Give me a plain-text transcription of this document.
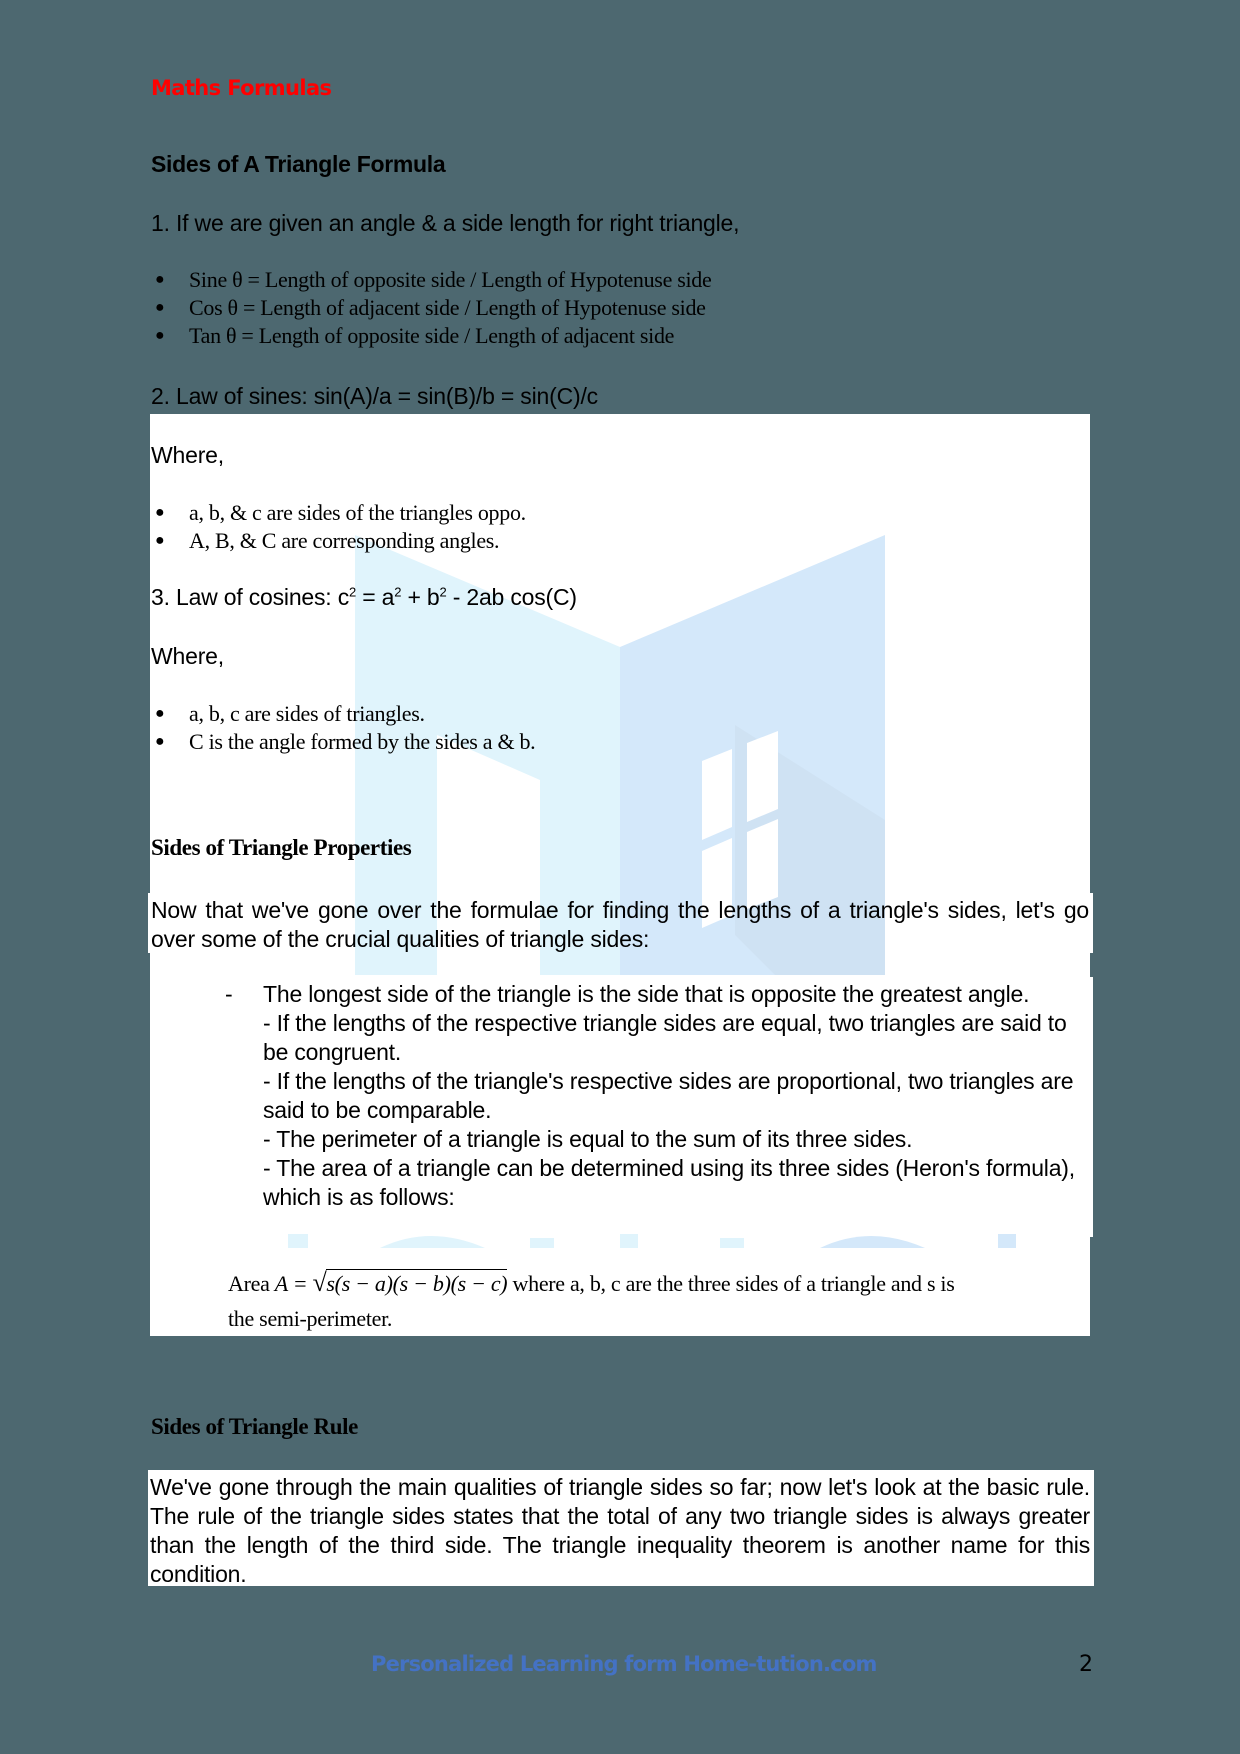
Maths Formulas
Sides of A Triangle Formula
1. If we are given an angle & a side length for right triangle,
● Sine θ = Length of opposite side / Length of Hypotenuse side
● Cos θ = Length of adjacent side / Length of Hypotenuse side
● Tan θ = Length of opposite side / Length of adjacent side
2. Law of sines: sin(A)/a = sin(B)/b = sin(C)/c
Where,
● a, b, & c are sides of the triangles oppo.
● A, B, & C are corresponding angles.
3. Law of cosines: $c^2 = a^2 + b^2 - 2ab$ cos(C)
Where,
● a, b, c are sides of triangles.
● C is the angle formed by the sides a & b.
Sides of Triangle Properties
Now that we've gone over the formulae for finding the lengths of a triangle's sides, let's go over some of the crucial qualities of triangle sides:
- The longest side of the triangle is the side that is opposite the greatest angle.
- If the lengths of the respective triangle sides are equal, two triangles are said to be congruent.
- If the lengths of the triangle's respective sides are proportional, two triangles are said to be comparable.
- The perimeter of a triangle is equal to the sum of its three sides.
- The area of a triangle can be determined using its three sides (Heron's formula), which is as follows:
Area A = √s(s − a)(s − b)(s − c) where a, b, c are the three sides of a triangle and s is
the semi-perimeter.
Sides of Triangle Rule
We've gone through the main qualities of triangle sides so far; now let's look at the basic rule. The rule of the triangle sides states that the total of any two triangle sides is always greater than the length of the third side. The triangle inequality theorem is another name for this condition.
Personalized Learning form Home-tution.com	2
